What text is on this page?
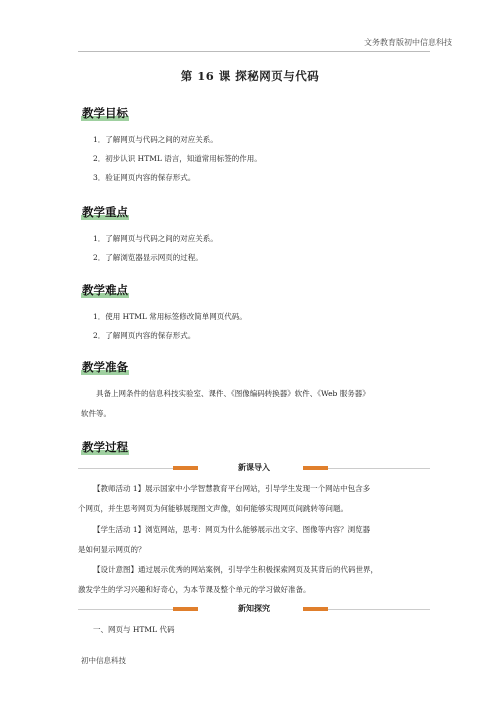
文务教育版初中信息科技
第 16 课 探秘网页与代码
教学目标
1．了解网页与代码之间的对应关系。
2．初步认识 HTML 语言，知道常用标签的作用。
3．验证网页内容的保存形式。
教学重点
1．了解网页与代码之间的对应关系。
2．了解浏览器显示网页的过程。
教学难点
1．使用 HTML 常用标签修改简单网页代码。
2．了解网页内容的保存形式。
教学准备
具备上网条件的信息科技实验室、课件、《图像编码转换器》软件、《Web 服务器》
软件等。
教学过程
新课导入
【教师活动 1】展示国家中小学智慧教育平台网站，引导学生发现一个网站中包含多
个网页，并生思考网页为何能够展现图文声像，如何能够实现网页间跳转等问题。
【学生活动 1】浏览网站，思考：网页为什么能够展示出文字、图像等内容？浏览器
是如何显示网页的？
【设计意图】通过展示优秀的网站案例，引导学生积极探索网页及其背后的代码世界，
激发学生的学习兴趣和好奇心，为本节课及整个单元的学习做好准备。
新知探究
一、网页与 HTML 代码
初中信息科技
